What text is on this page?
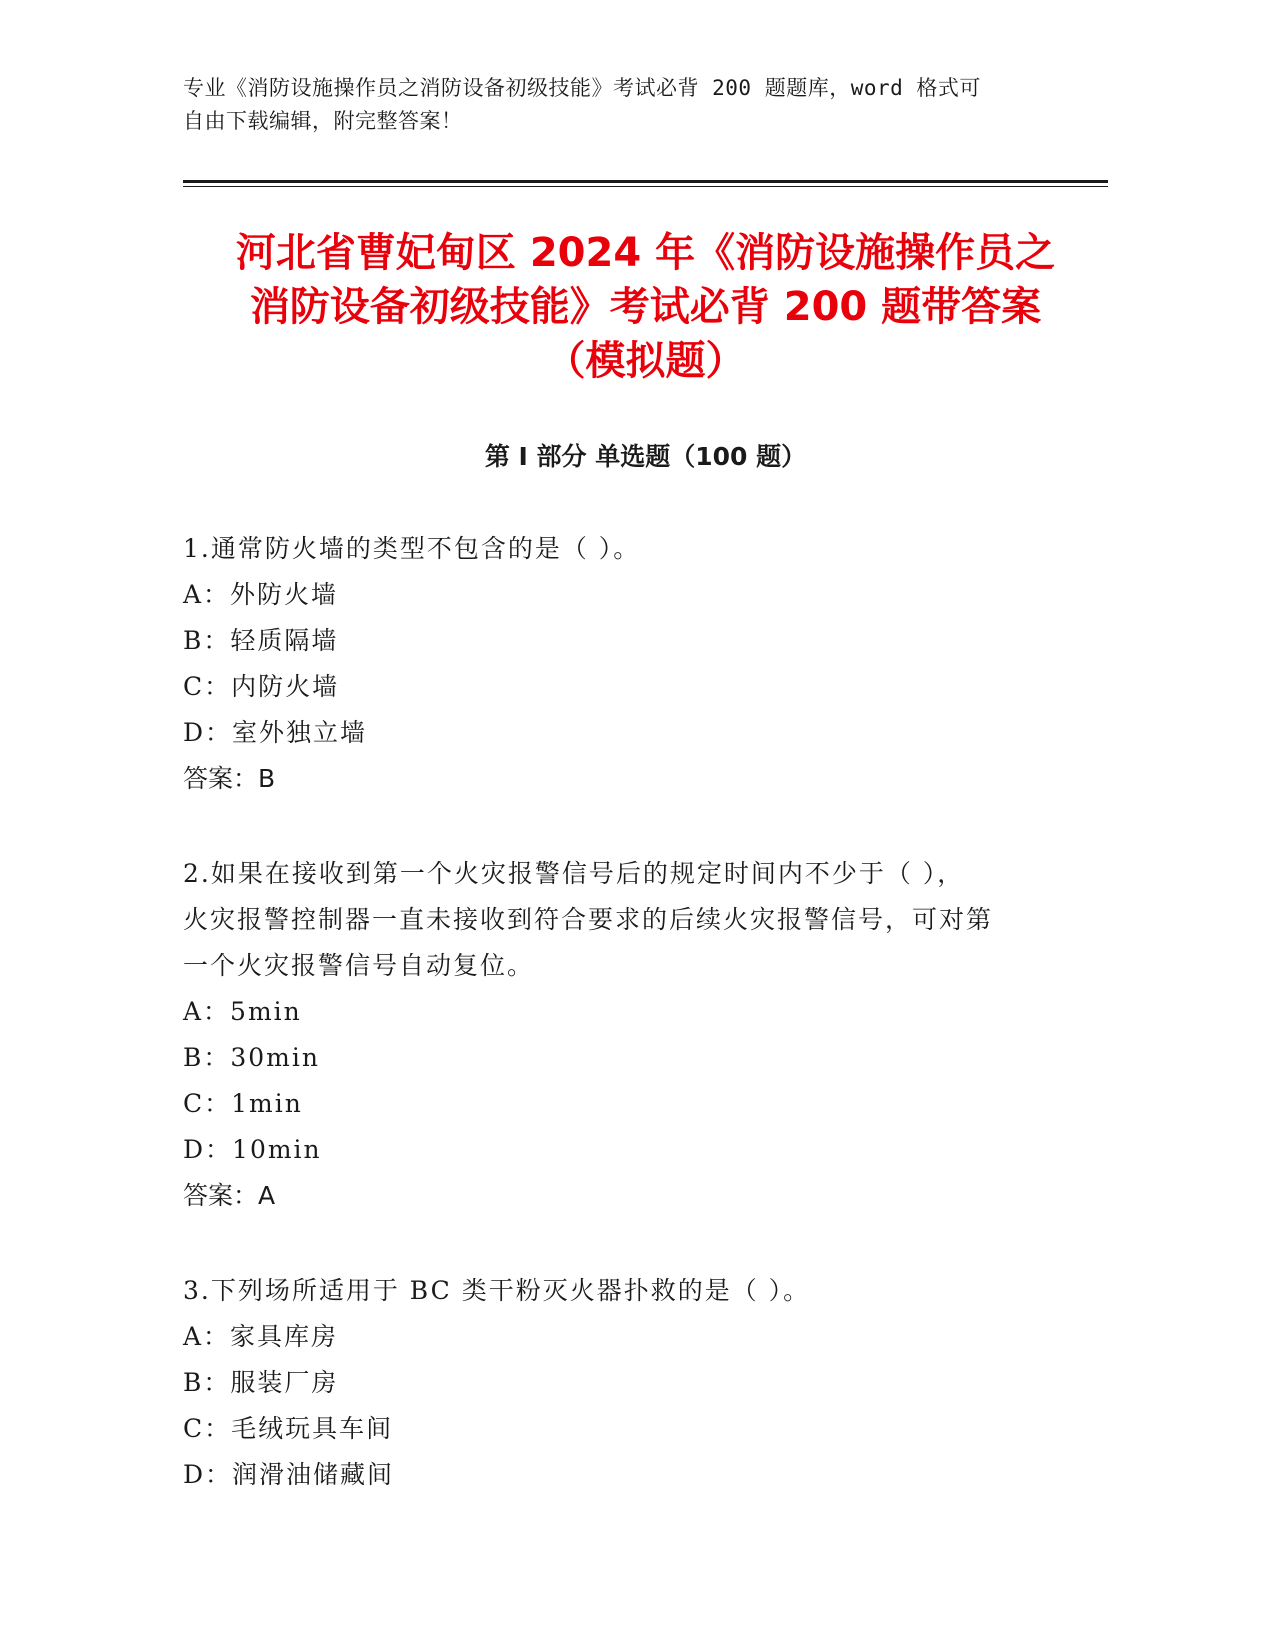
专业《消防设施操作员之消防设备初级技能》考试必背 200 题题库，word 格式可
自由下载编辑，附完整答案！
河北省曹妃甸区 2024 年《消防设施操作员之
消防设备初级技能》考试必背 200 题带答案
（模拟题）
第 I 部分 单选题（100 题）
1.通常防火墙的类型不包含的是（ ）。
A：外防火墙
B：轻质隔墙
C：内防火墙
D：室外独立墙
答案：B
2.如果在接收到第一个火灾报警信号后的规定时间内不少于（ ），
火灾报警控制器一直未接收到符合要求的后续火灾报警信号，可对第
一个火灾报警信号自动复位。
A：5min
B：30min
C：1min
D：10min
答案：A
3.下列场所适用于 BC 类干粉灭火器扑救的是（ ）。
A：家具库房
B：服装厂房
C：毛绒玩具车间
D：润滑油储藏间
